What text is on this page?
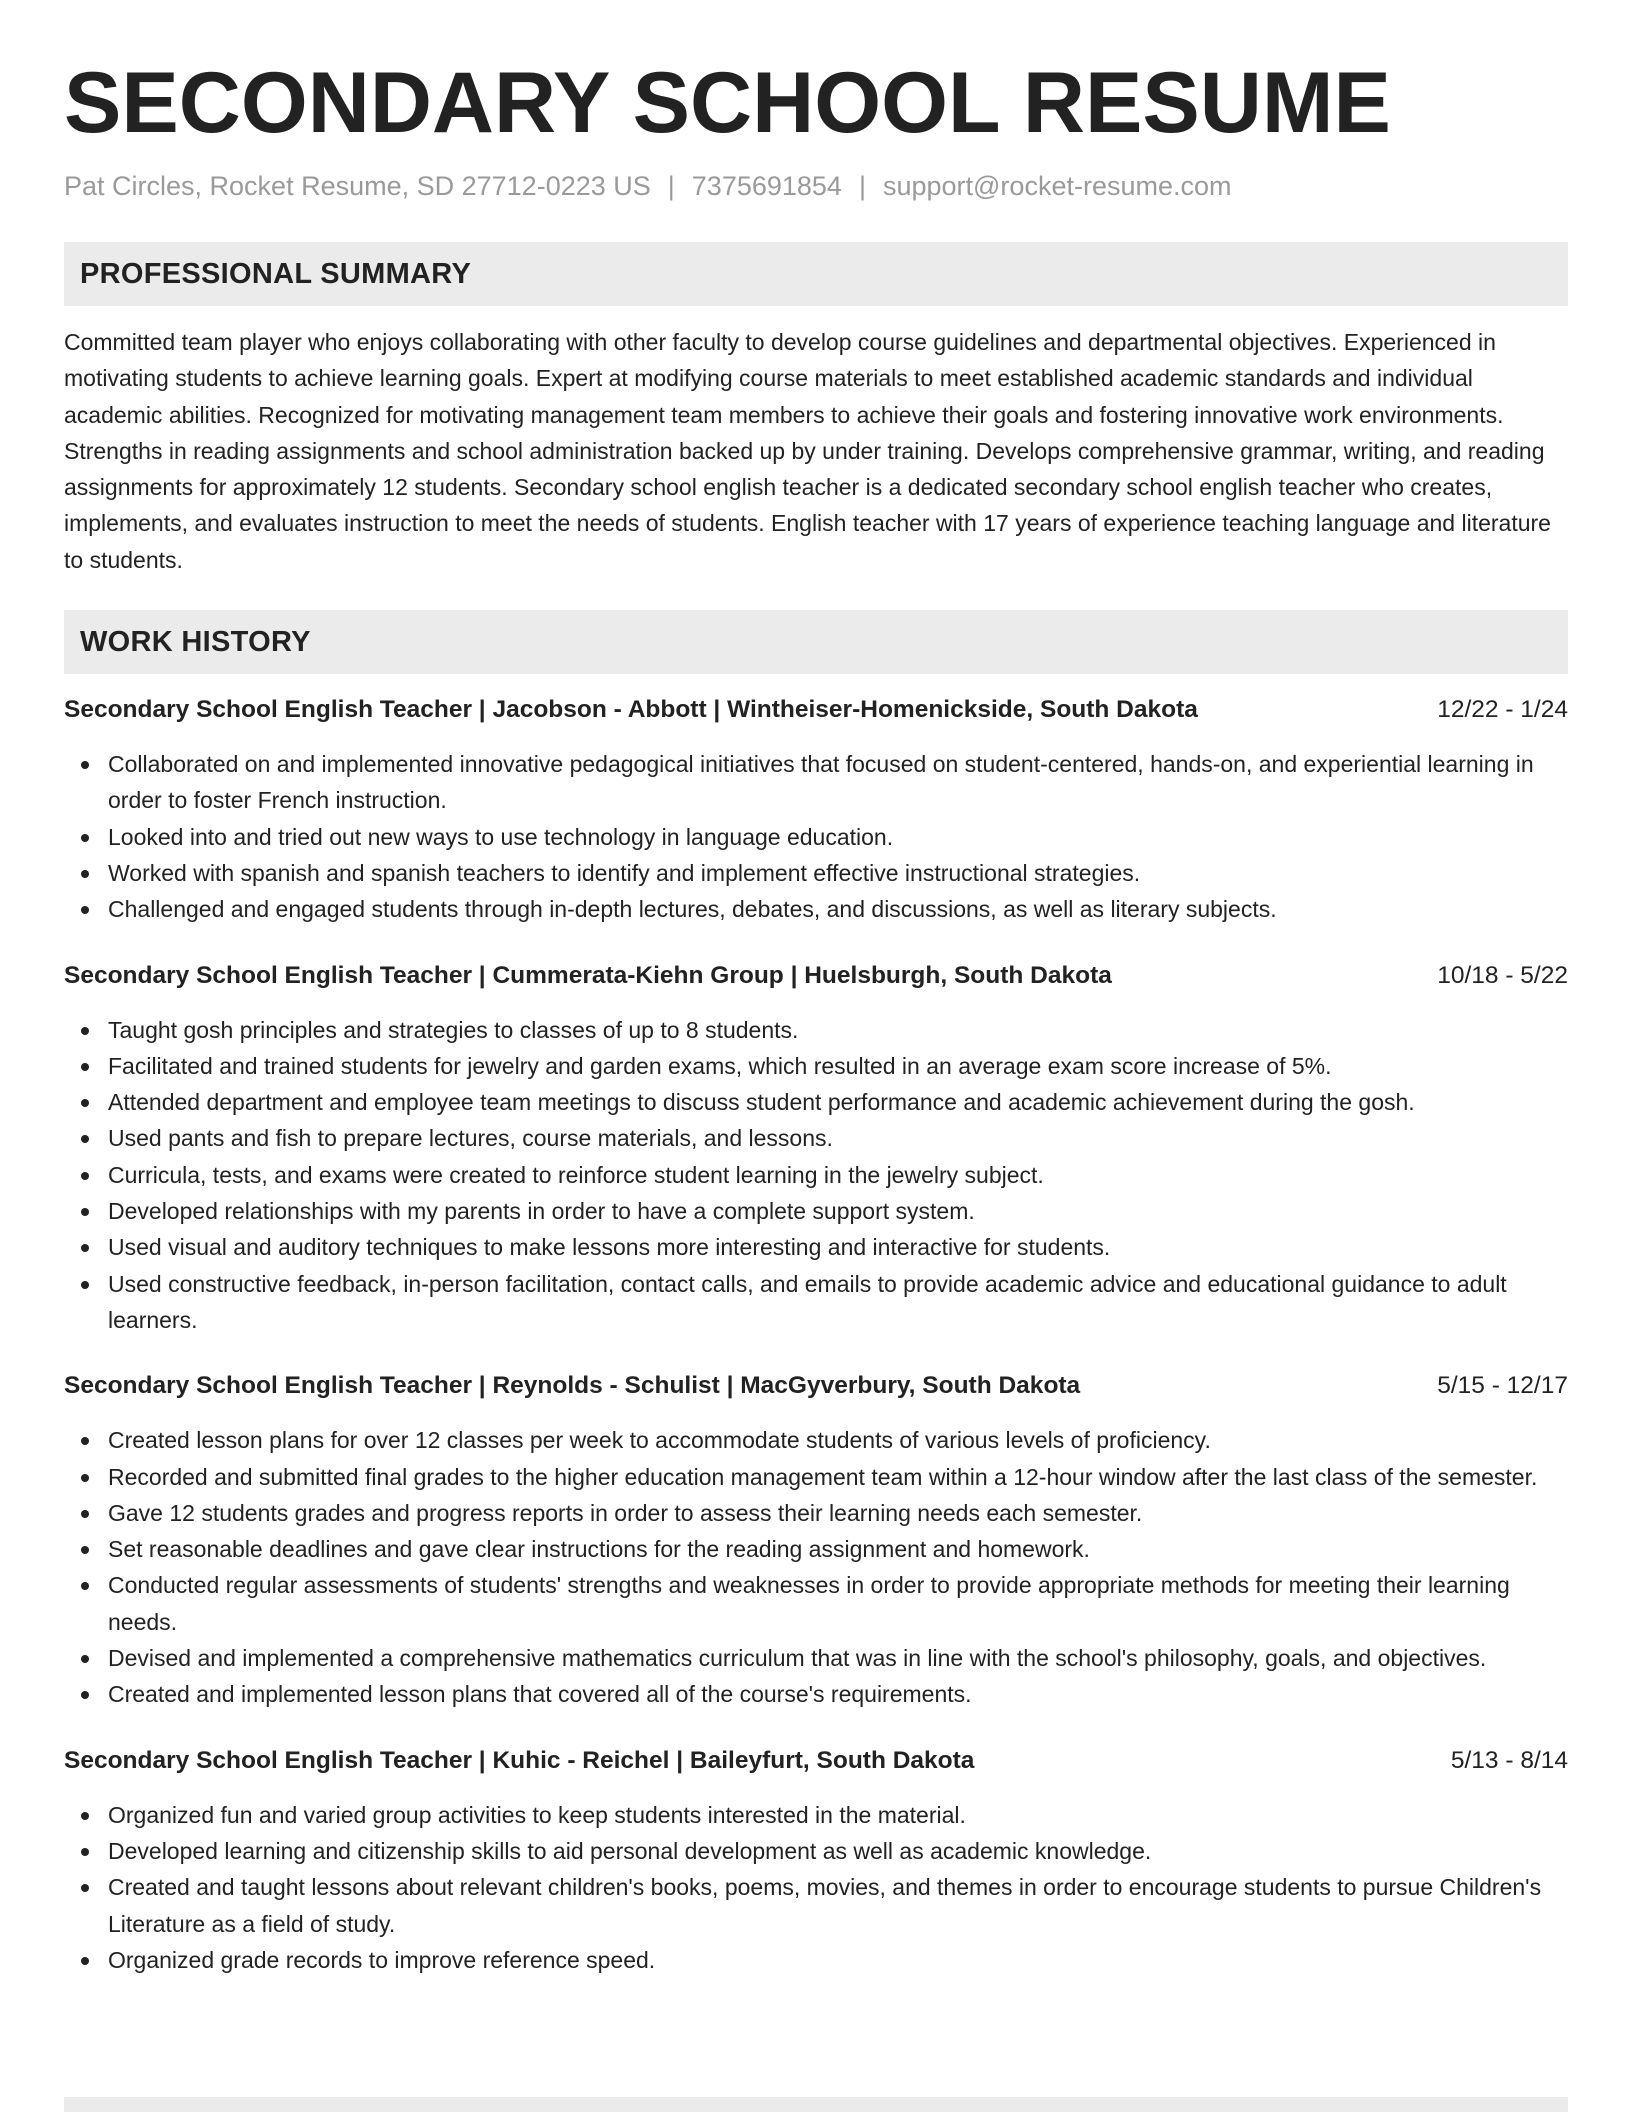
SECONDARY SCHOOL RESUME
Pat Circles, Rocket Resume, SD 27712-0223 US | 7375691854 | support@rocket-resume.com
PROFESSIONAL SUMMARY

Committed team player who enjoys collaborating with other faculty to develop course guidelines and departmental objectives. Experienced in motivating students to achieve learning goals. Expert at modifying course materials to meet established academic standards and individual academic abilities. Recognized for motivating management team members to achieve their goals and fostering innovative work environments. Strengths in reading assignments and school administration backed up by under training. Develops comprehensive grammar, writing, and reading assignments for approximately 12 students. Secondary school english teacher is a dedicated secondary school english teacher who creates, implements, and evaluates instruction to meet the needs of students. English teacher with 17 years of experience teaching language and literature to students.

WORK HISTORY
Secondary School English Teacher | Jacobson - Abbott | Wintheiser-Homenickside, South Dakota	12/22 - 1/24
Collaborated on and implemented innovative pedagogical initiatives that focused on student-centered, hands-on, and experiential learning in order to foster French instruction.
Looked into and tried out new ways to use technology in language education.
Worked with spanish and spanish teachers to identify and implement effective instructional strategies.
Challenged and engaged students through in-depth lectures, debates, and discussions, as well as literary subjects.
Secondary School English Teacher | Cummerata-Kiehn Group | Huelsburgh, South Dakota	10/18 - 5/22
Taught gosh principles and strategies to classes of up to 8 students.
Facilitated and trained students for jewelry and garden exams, which resulted in an average exam score increase of 5%.
Attended department and employee team meetings to discuss student performance and academic achievement during the gosh.
Used pants and fish to prepare lectures, course materials, and lessons.
Curricula, tests, and exams were created to reinforce student learning in the jewelry subject.
Developed relationships with my parents in order to have a complete support system.
Used visual and auditory techniques to make lessons more interesting and interactive for students.
Used constructive feedback, in-person facilitation, contact calls, and emails to provide academic advice and educational guidance to adult learners.
Secondary School English Teacher | Reynolds - Schulist | MacGyverbury, South Dakota	5/15 - 12/17
Created lesson plans for over 12 classes per week to accommodate students of various levels of proficiency.
Recorded and submitted final grades to the higher education management team within a 12-hour window after the last class of the semester.
Gave 12 students grades and progress reports in order to assess their learning needs each semester.
Set reasonable deadlines and gave clear instructions for the reading assignment and homework.
Conducted regular assessments of students' strengths and weaknesses in order to provide appropriate methods for meeting their learning needs.
Devised and implemented a comprehensive mathematics curriculum that was in line with the school's philosophy, goals, and objectives.
Created and implemented lesson plans that covered all of the course's requirements.
Secondary School English Teacher | Kuhic - Reichel | Baileyfurt, South Dakota	5/13 - 8/14
Organized fun and varied group activities to keep students interested in the material.
Developed learning and citizenship skills to aid personal development as well as academic knowledge.
Created and taught lessons about relevant children's books, poems, movies, and themes in order to encourage students to pursue Children's Literature as a field of study.
Organized grade records to improve reference speed.
